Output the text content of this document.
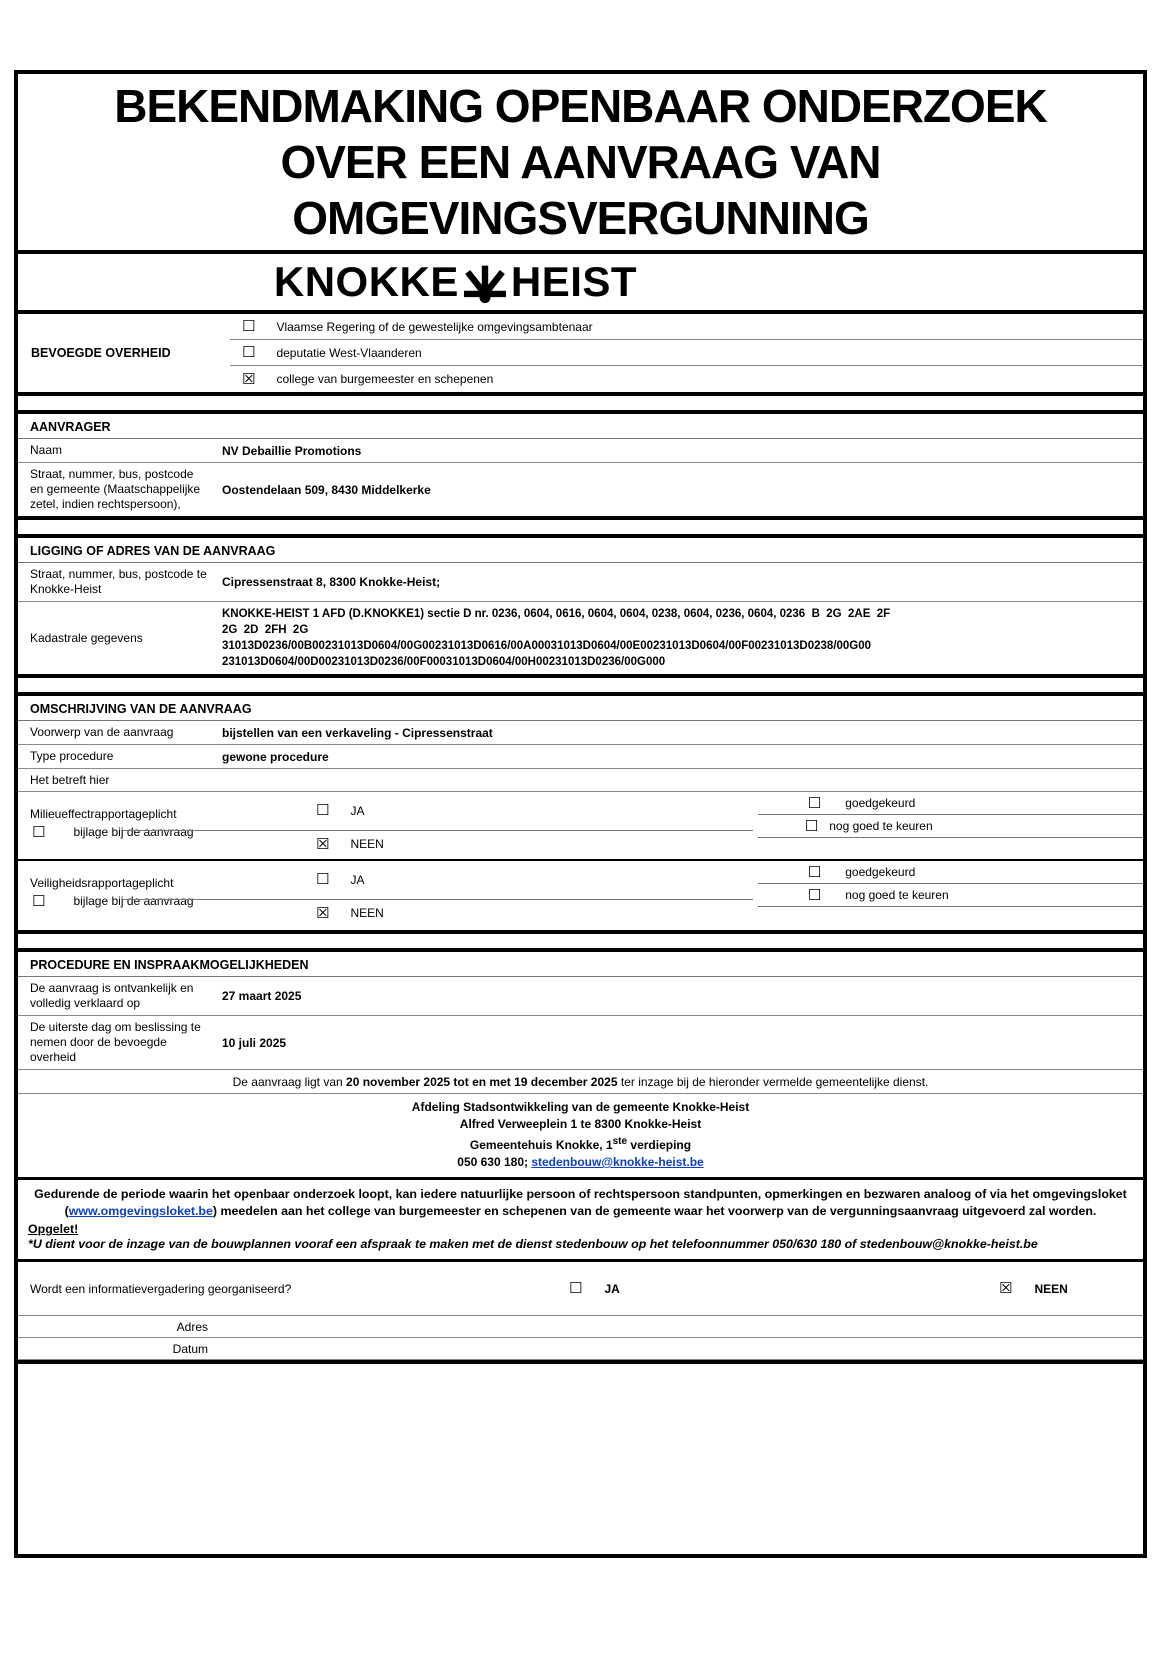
BEKENDMAKING OPENBAAR ONDERZOEK
OVER EEN AANVRAAG VAN
OMGEVINGSVERGUNNING
KNOKKE HEIST
BEVOEGDE OVERHEID
☐ Vlaamse Regering of de gewestelijke omgevingsambtenaar
☐ deputatie West-Vlaanderen
☒ college van burgemeester en schepenen
AANVRAGER
Naam	NV Debaillie Promotions
Straat, nummer, bus, postcode en gemeente (Maatschappelijke zetel, indien rechtspersoon),
Oostendelaan 509, 8430 Middelkerke
LIGGING OF ADRES VAN DE AANVRAAG
Straat, nummer, bus, postcode te Knokke-Heist	Cipressenstraat 8, 8300 Knokke-Heist;
Kadastrale gegevens
KNOKKE-HEIST 1 AFD (D.KNOKKE1) sectie D nr. 0236, 0604, 0616, 0604, 0604, 0238, 0604, 0236, 0604, 0236  B  2G  2AE  2F
2G  2D  2FH  2G
31013D0236/00B00231013D0604/00G00231013D0616/00A00031013D0604/00E00231013D0604/00F00231013D0238/00G00
231013D0604/00D00231013D0236/00F00031013D0604/00H00231013D0236/00G000
OMSCHRIJVING VAN DE AANVRAAG
Voorwerp van de aanvraag	bijstellen van een verkaveling - Cipressenstraat
Type procedure	gewone procedure
Het betreft hier
Milieueffectrapportageplicht
☐ bijlage bij de aanvraag
☐ JA
☒ NEEN
☐ goedgekeurd
☐ nog goed te keuren
Veiligheidsrapportageplicht
☐ bijlage bij de aanvraag
☐ JA
☒ NEEN
☐ goedgekeurd
☐ nog goed te keuren
PROCEDURE EN INSPRAAKMOGELIJKHEDEN
De aanvraag is ontvankelijk en volledig verklaard op	27 maart 2025
De uiterste dag om beslissing te nemen door de bevoegde overheid
10 juli 2025
De aanvraag ligt van 20 november 2025 tot en met 19 december 2025 ter inzage bij de hieronder vermelde gemeentelijke dienst.
Afdeling Stadsontwikkeling van de gemeente Knokke-Heist
Alfred Verweeplein 1 te 8300 Knokke-Heist
Gemeentehuis Knokke, 1ste verdieping
050 630 180; stedenbouw@knokke-heist.be
Gedurende de periode waarin het openbaar onderzoek loopt, kan iedere natuurlijke persoon of rechtspersoon standpunten, opmerkingen en bezwaren analoog of via het omgevingsloket (www.omgevingsloket.be) meedelen aan het college van burgemeester en schepenen van de gemeente waar het voorwerp van de vergunningsaanvraag uitgevoerd zal worden.
Opgelet!
*U dient voor de inzage van de bouwplannen vooraf een afspraak te maken met de dienst stedenbouw op het telefoonnummer 050/630 180 of stedenbouw@knokke-heist.be
Wordt een informatievergadering georganiseerd?	☐ JA	☒ NEEN
Adres
Datum
